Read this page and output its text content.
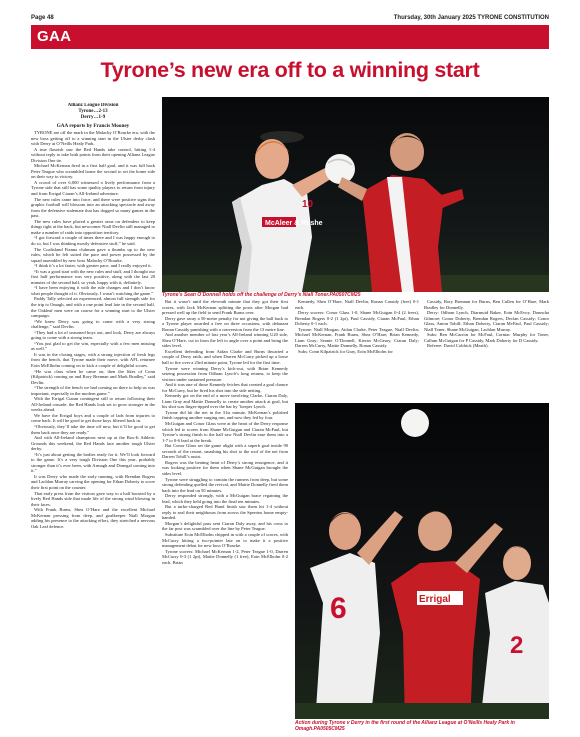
Page 48	Thursday, 30th January 2025 TYRONE CONSTITUTION
GAA
Tyrone’s new era off to a winning start
Allianz League Division
Tyrone…2-13
Derry…1-9
GAA reports by Francis Mooney

TYRONE are off the mark in the Malachy O’Rourke era, with the new boss getting off to a winning start in the Ulster derby clash with Derry at O’Neills Healy Park.

A true flourish saw the Red Hands take control, hitting 1-4 without reply to take both points from their opening Allianz League Division One tie.

Michael McKernan fired in a first half goal, and it was full back Peter Teague who scrambled home the second to set the home side on their way to victory.

A crowd of over 6,000 witnessed a lively performance from a Tyrone side that still has some quality players to return from injury and from Errigal Ciaran’s All-Ireland adventure.

The new rules came into force, and there were positive signs that graphic football will blossom into an attacking spectacle and away from the defensive stalemate that has dogged so many games in the past.

The new rules have placed a greater onus on defenders to keep things tight at the back, but newcomer Niall Devlin still managed to make a number of raids into opposition territory.

“I got forward a couple of times there and I was happy enough to do so, but I was thinking mostly defensive stuff,” he said.

The Coalisland Fianna clubman gave a thumbs up to the new rules, which he felt suited the pace and power possessed by the squad assembled by new boss Malachy O’Rourke.

“I think it’s a lot faster, with greater pace, and I really enjoyed it.

“It was a good start with the new rules and stuff, and I thought our first half performance was very positive, along with the last 20 minutes of the second half, so yeah, happy with it, definitely.

“I have been enjoying it with the rule changes and I don’t know what people thought of it. Obviously, I wasn’t watching the game.”

Paddy Tally selected an experienced, almost full strength side for the trip to Omagh, and with a one point lead late in the second half, the Oakleaf men were on course for a winning start to the Ulster campaign.

“We knew Derry was going to come with a very strong challenge,” said Devlin.

“They had a lot of seasoned boys out, and look, Derry are always going to come with a strong team.

“You just glad to get the win, especially with a few men missing as well.”

It was in the closing stages, with a strong injection of fresh legs from the bench, that Tyrone made their move, with AFL returnee Eoin McElholm coming on to kick a couple of delightful scores.

“He was class when he came on, then the likes of Conn (Kilpatrick) coming on and Rory Brennan and Mark Bradley,” said Devlin.

“The strength of the bench we had coming on there to help us was important, especially in the modern game.”

With the Errigal Ciaran contingent still to return following their All-Ireland crusade, the Red Hands look set to grow stronger in the weeks ahead.

We have the Errigal boys and a couple of lads from injuries to come back. It will be good to get those boys filtered back in.

“Obviously, they’ll take the time off now, but it’ll be good to get them back once they are ready.”

And with All-Ireland champions next up at the Box-It Athletic Grounds this weekend, the Red Hands face another tough Ulster derby.

“It’s just about getting the bodies ready for it. We’ll look forward to the game. It’s a very tough Division One this year, probably stronger than it’s ever been, with Armagh and Donegal coming into it.”

It was Derry who made the early running, with Brendan Rogers and Lachlan Murray carving the opening for Ethan Doherty to score their first point on the counter.

That early press from the visitors gave way to a half boosted by a lively Red Hands side that made life of the strong wind blowing in their faces.

With Frank Burns, Shea O’Hare and the excellent Michael McKernan pressing from deep, and goalkeeper Niall Morgan adding his presence to the attacking effort, they stretched a nervous Oak Leaf defence.

McAleer & Rushe
10
Tyrone’s Sean O’Donnell holds off the challenge of Derry’s Niall Toner.PA0507CM25

But it wasn’t until the eleventh minute that they got their first scores, with Jack McKernan splitting the posts after Morgan had pressed well up the field to send Frank Burns over.

Derry gave away a 50-metre penalty for not giving the ball back to a Tyrone player awarded a free on three occasions, with debutant Ronan Cassidy punishing with a conversion from the 13 metre line.

And another member of last year’s All-Ireland winning U20 side, Shea O’Hare, cut in from the left to angle over a point and bring the sides level.

Excellent defending from Aidan Clarke and Burns thwarted a couple of Derry raids, and when Darren McCurry picked up a loose ball to fire over a 23rd minute point, Tyrone led for the first time.

Tyrone were winning Derry’s kick-out, with Brian Kennedy seizing possession from Odhran Lynch’s long returns, to keep the visitors under sustained pressure.

And it was one of those Kennedy fetches that created a goal chance for McCurry, but he fired his shot into the side netting.

Kennedy got on the end of a move involving Clarke, Ciaran Daly, Liam Gray and Mattie Donnelly to create another attack at goal, but his shot was finger-tipped over the bar by ’keeper Lynch.

Tyrone did hit the net in the 31st minute, McKernan’s polished finish capping another surging run, and now they led by four.

McGuigan and Conor Glass were at the heart of the Derry response which led to scores from Shane McGuigan and Ciaran McFaul, but Tyrone’s strong finish to the half saw Niall Devlin ease them into a 1-7 to 0-6 lead at the break.

But Conor Glass set the game alight with a superb goal inside 90 seconds of the restart, smashing his shot to the roof of the net from Darren Tohill’s assist.

Rogers was the beating heart of Derry’s strong resurgence, and it was looking positive for them when Shane McGuigan brought the sides level.

Tyrone were struggling to contain the runners from deep, but some strong defending quelled the revival, and Mattie Donnelly fired them back into the lead on 50 minutes.

Derry responded strongly, with a McGuigan brace regaining the lead, which they held going into the final ten minutes.

But a turbo-charged Red Hand finish saw them hit 1-4 without reply to seal their neighbours from across the Sperrins home empty-handed.

Morgan’s delightful pass sent Ciaran Daly away, and his cross to the far post was scrambled over the line by Peter Teague.

Substitute Eoin McElholm chipped in with a couple of scores, with McCurry hitting a two-pointer late on to make it a positive management debut for new boss O’Rourke.

Tyrone scorers: Michael McKernan 1-2, Peter Teague 1-0, Darren McCurry 0-3 (1 2pt), Mattie Donnelly (1 free), Eoin McElholm 0-2 each, Brian

Kennedy, Shea O’Hare, Niall Devlin, Ronan Cassidy (free) 0-1 each.

Derry scorers: Conor Glass 1-0, Shane McGuigan 0-4 (2 frees), Brendan Rogers 0-2 (1 2pt), Paul Cassidy, Ciaran McFaul, Ethan Doherty 0-1 each.

Tyrone: Niall Morgan, Aidan Clarke, Peter Teague, Niall Devlin; Michael McKernan, Frank Burns, Shea O’Hare; Brian Kennedy, Liam Gray; Seanie O’Donnell, Kieran McGeary, Ciaran Daly; Darren McCurry, Mattie Donnelly, Ronan Cassidy

Subs: Conn Kilpatrick for Gray, Eoin McElholm for

Cassidy, Rory Brennan for Burns, Ben Cullen for O’Hare, Mark Bradley for Donnelly.

Derry: Odhran Lynch, Diarmuid Baker, Eoin McEvoy, Donncha Gilmore; Conor Doherty, Brendan Rogers, Declan Cassidy; Conor Glass, Anton Tohill; Ethan Doherty, Ciaran McFaul, Paul Cassidy; Niall Toner, Shane McGuigan, Lachlan Murray.

Subs: Ben McCarron for McFaul, Cormac Murphy for Toner, Callum McGuigan for P Cassidy, Mark Doherty for D Cassidy.

Referee: David Coldrick (Meath).

6	Errigal
2
Action during Tyrone v Derry in the first round of the Allianz League at O’Neills Healy Park in Omagh.PA0505CM25
